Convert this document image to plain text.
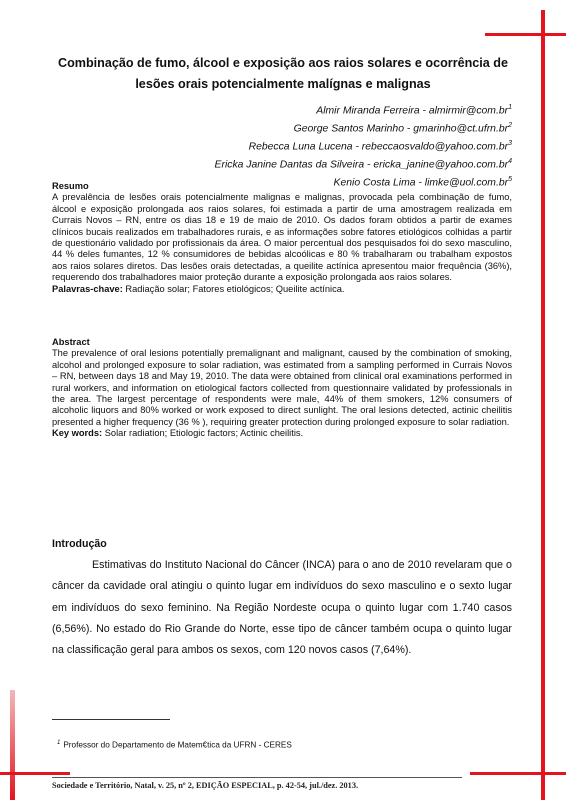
Combinação de fumo, álcool e exposição aos raios solares e ocorrência de lesões orais potencialmente malígnas e malignas
Almir Miranda Ferreira - $almirmir@com.br^1$
George Santos Marinho - $gmarinho@ct.ufrn.br^2$
Rebecca Luna Lucena - $rebeccaosvaldo@yahoo.com.br^3$
Ericka Janine Dantas da Silveira - $ericka\_janine@yahoo.com.br^4$
Kenio Costa Lima - $limke@uol.com.br^5$
Resumo
A prevalência de lesões orais potencialmente malignas e malignas, provocada pela combinação de fumo, álcool e exposição prolongada aos raios solares, foi estimada a partir de uma amostragem realizada em Currais Novos – RN, entre os dias 18 e 19 de maio de 2010. Os dados foram obtidos a partir de exames clínicos bucais realizados em trabalhadores rurais, e as informações sobre fatores etiológicos colhidas a partir de questionário validado por profissionais da área. O maior percentual dos pesquisados foi do sexo masculino, 44 % deles fumantes, 12 % consumidores de bebidas alcoólicas e 80 % trabalharam ou trabalham expostos aos raios solares diretos. Das lesões orais detectadas, a queilite actínica apresentou maior frequência (36%), requerendo dos trabalhadores maior proteção durante a exposição prolongada aos raios solares.
Palavras-chave: Radiação solar; Fatores etiológicos; Queilite actínica.
Abstract
The prevalence of oral lesions potentially premalignant and malignant, caused by the combination of smoking, alcohol and prolonged exposure to solar radiation, was estimated from a sampling performed in Currais Novos – RN, between days 18 and May 19, 2010. The data were obtained from clinical oral examinations performed in rural workers, and information on etiological factors collected from questionnaire validated by professionals in the area. The largest percentage of respondents were male, 44% of them smokers, 12% consumers of alcoholic liquors and 80% worked or work exposed to direct sunlight. The oral lesions detected, actinic cheilitis presented a higher frequency (36 % ), requiring greater protection during prolonged exposure to solar radiation.
Key words: Solar radiation; Etiologic factors; Actinic cheilitis.
Introdução
Estimativas do Instituto Nacional do Câncer (INCA) para o ano de 2010 revelaram que o câncer da cavidade oral atingiu o quinto lugar em indivíduos do sexo masculino e o sexto lugar em indivíduos do sexo feminino. Na Região Nordeste ocupa o quinto lugar com 1.740 casos (6,56%). No estado do Rio Grande do Norte, esse tipo de câncer também ocupa o quinto lugar na classificação geral para ambos os sexos, com 120 novos casos (7,64%).
$^1$ Professor do Departamento de Matem€tica da UFRN - CERES
Sociedade e Território, Natal, v. 25, nº 2, EDIÇÃO ESPECIAL, p. 42-54, jul./dez. 2013.
